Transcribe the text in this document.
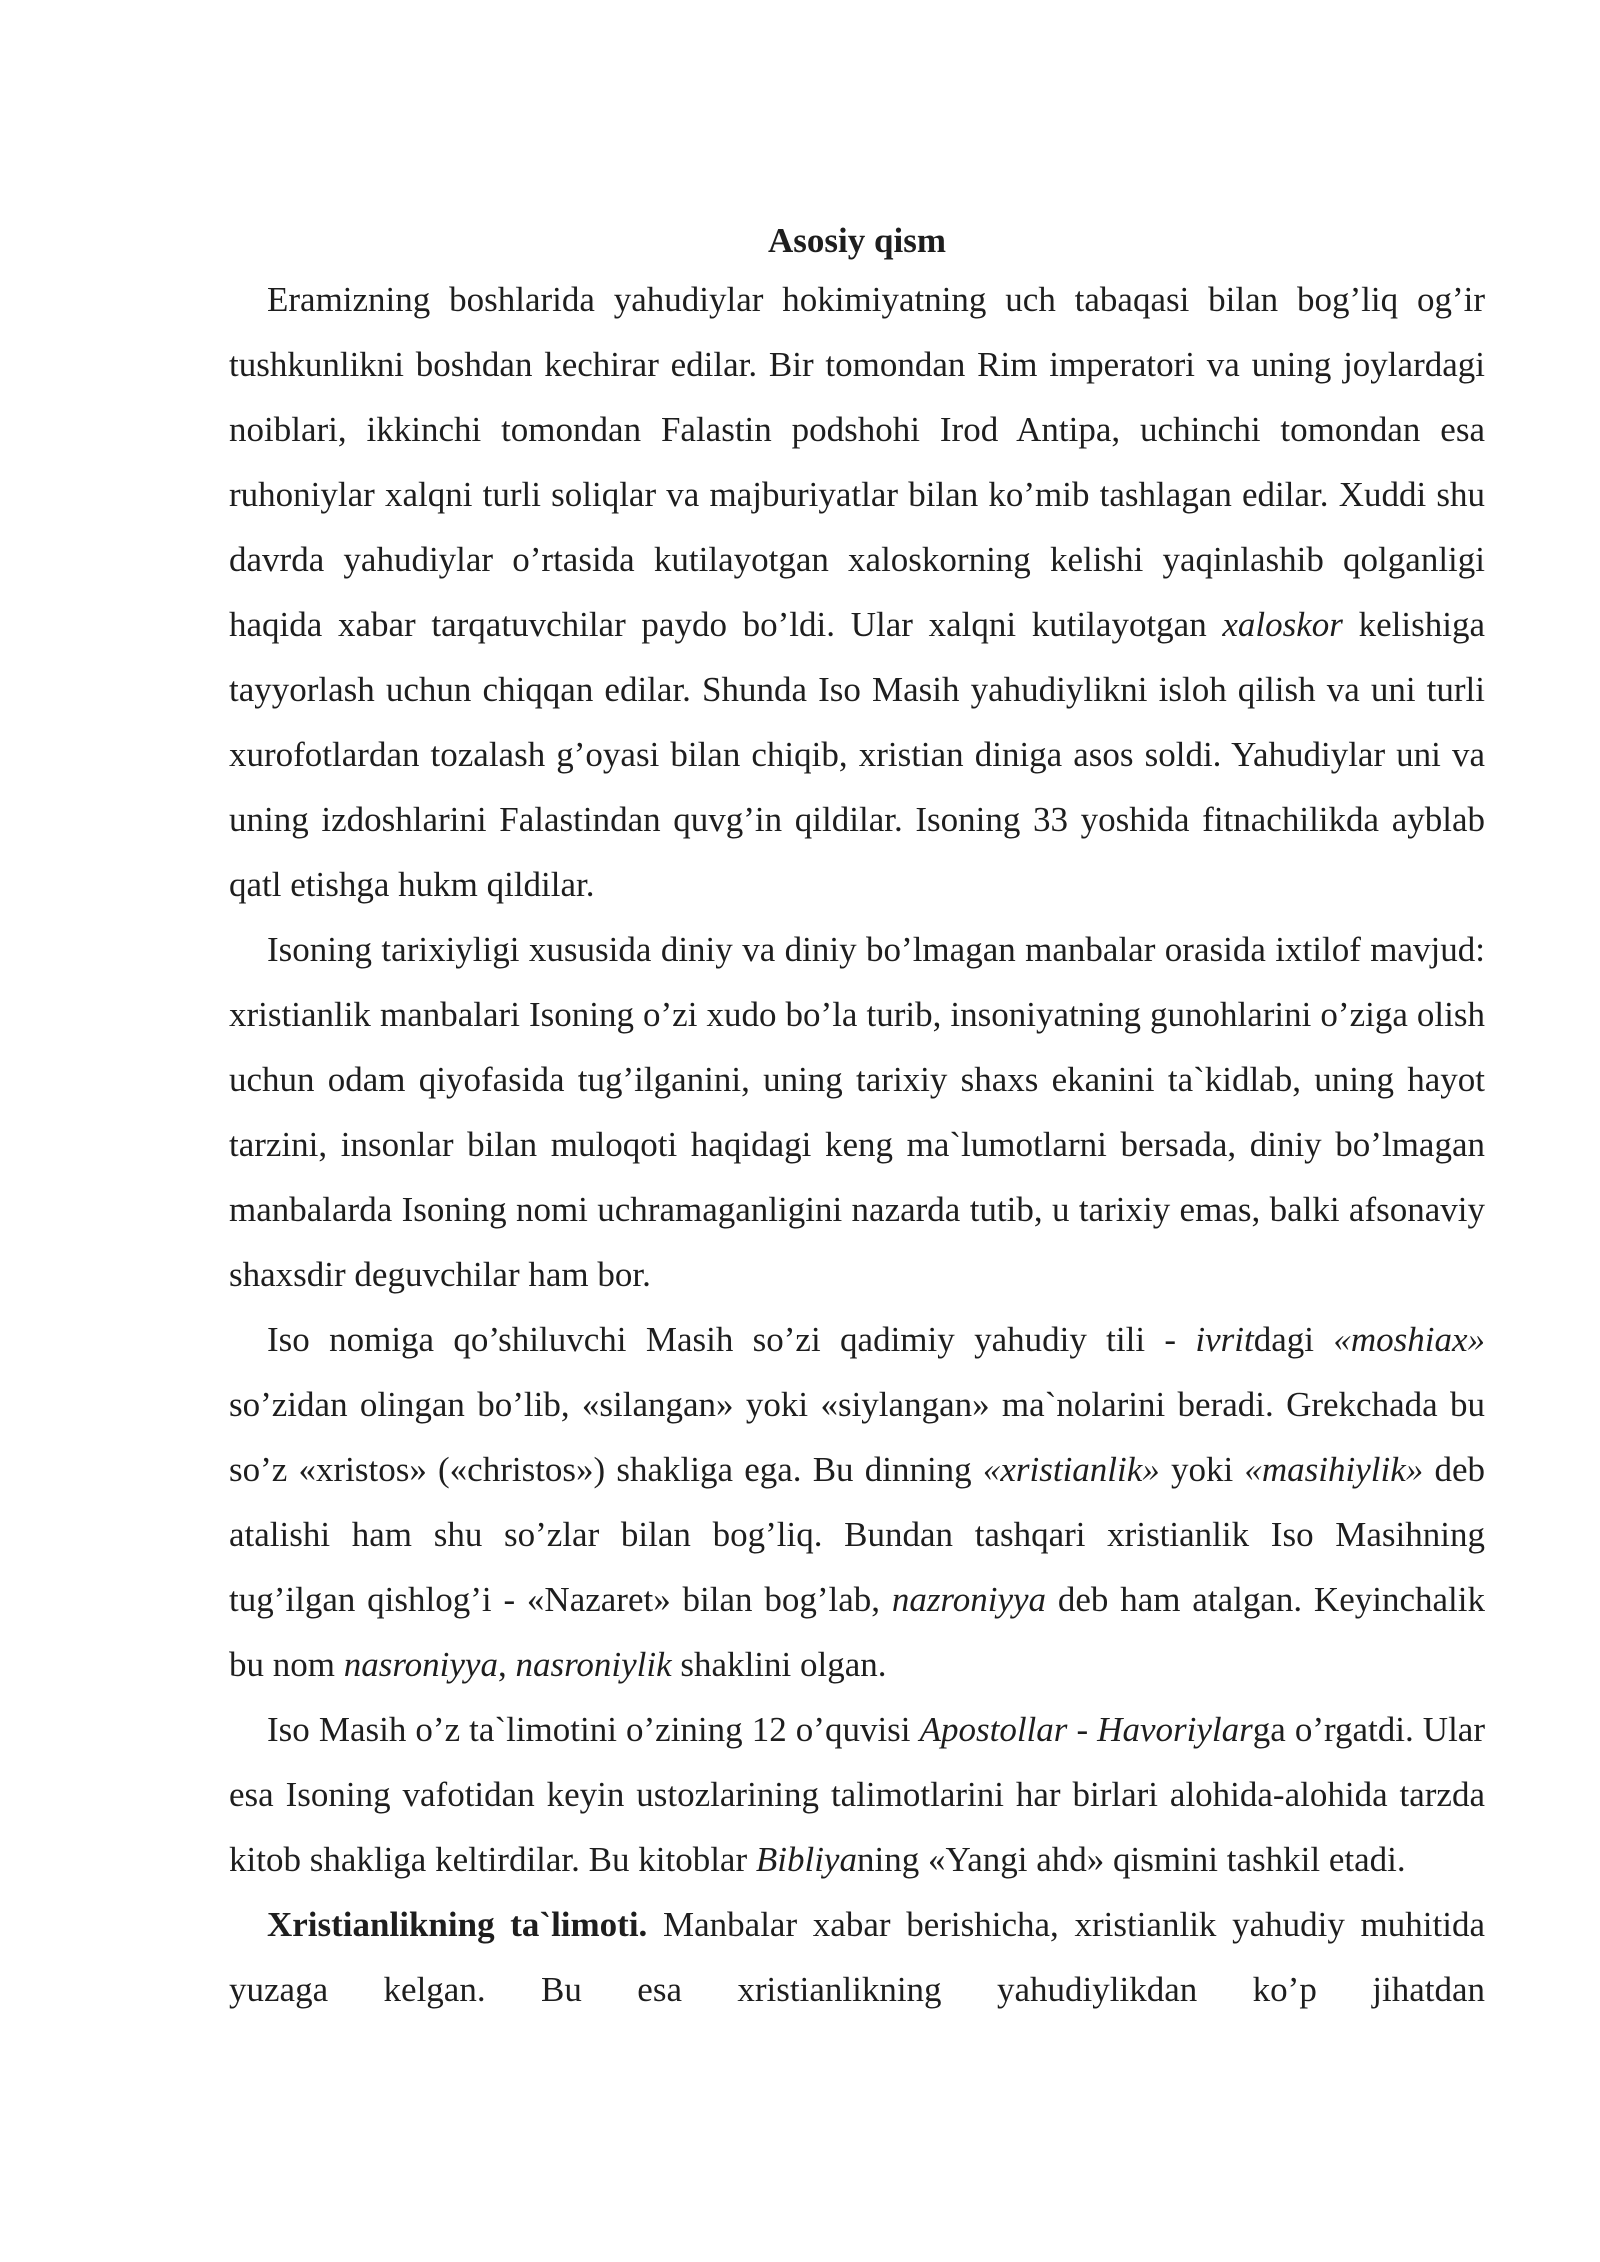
Asosiy qism

Eramizning boshlarida yahudiylar hokimiyatning uch tabaqasi bilan bog’liq og’ir tushkunlikni boshdan kechirar edilar. Bir tomondan Rim imperatori va uning joylardagi noiblari, ikkinchi tomondan Falastin podshohi Irod Antipa, uchinchi tomondan esa ruhoniylar xalqni turli soliqlar va majburiyatlar bilan ko’mib tashlagan edilar. Xuddi shu davrda yahudiylar o’rtasida kutilayotgan xaloskorning kelishi yaqinlashib qolganligi haqida xabar tarqatuvchilar paydo bo’ldi. Ular xalqni kutilayotgan xaloskor kelishiga tayyorlash uchun chiqqan edilar. Shunda Iso Masih yahudiylikni isloh qilish va uni turli xurofotlardan tozalash g’oyasi bilan chiqib, xristian diniga asos soldi. Yahudiylar uni va uning izdoshlarini Falastindan quvg’in qildilar. Isoning 33 yoshida fitnachilikda ayblab qatl etishga hukm qildilar.

Isoning tarixiyligi xususida diniy va diniy bo’lmagan manbalar orasida ixtilof mavjud: xristianlik manbalari Isoning o’zi xudo bo’la turib, insoniyatning gunohlarini o’ziga olish uchun odam qiyofasida tug’ilganini, uning tarixiy shaxs ekanini ta`kidlab, uning hayot tarzini, insonlar bilan muloqoti haqidagi keng ma`lumotlarni bersada, diniy bo’lmagan manbalarda Isoning nomi uchramaganligini nazarda tutib, u tarixiy emas, balki afsonaviy shaxsdir deguvchilar ham bor.

Iso nomiga qo’shiluvchi Masih so’zi qadimiy yahudiy tili - ivritdagi «moshiax» so’zidan olingan bo’lib, «silangan» yoki «siylangan» ma`nolarini beradi. Grekchada bu so’z «xristos» («christos») shakliga ega. Bu dinning «xristianlik» yoki «masihiylik» deb atalishi ham shu so’zlar bilan bog’liq. Bundan tashqari xristianlik Iso Masihning tug’ilgan qishlog’i - «Nazaret» bilan bog’lab, nazroniyya deb ham atalgan. Keyinchalik bu nom nasroniyya, nasroniylik shaklini olgan.

Iso Masih o’z ta`limotini o’zining 12 o’quvisi Apostollar - Havoriylarga o’rgatdi. Ular esa Isoning vafotidan keyin ustozlarining talimotlarini har birlari alohida-alohida tarzda kitob shakliga keltirdilar. Bu kitoblar Bibliyaning «Yangi ahd» qismini tashkil etadi.

Xristianlikning ta`limoti. Manbalar xabar berishicha, xristianlik yahudiy muhitida yuzaga kelgan. Bu esa xristianlikning yahudiylikdan ko’p jihatdan
